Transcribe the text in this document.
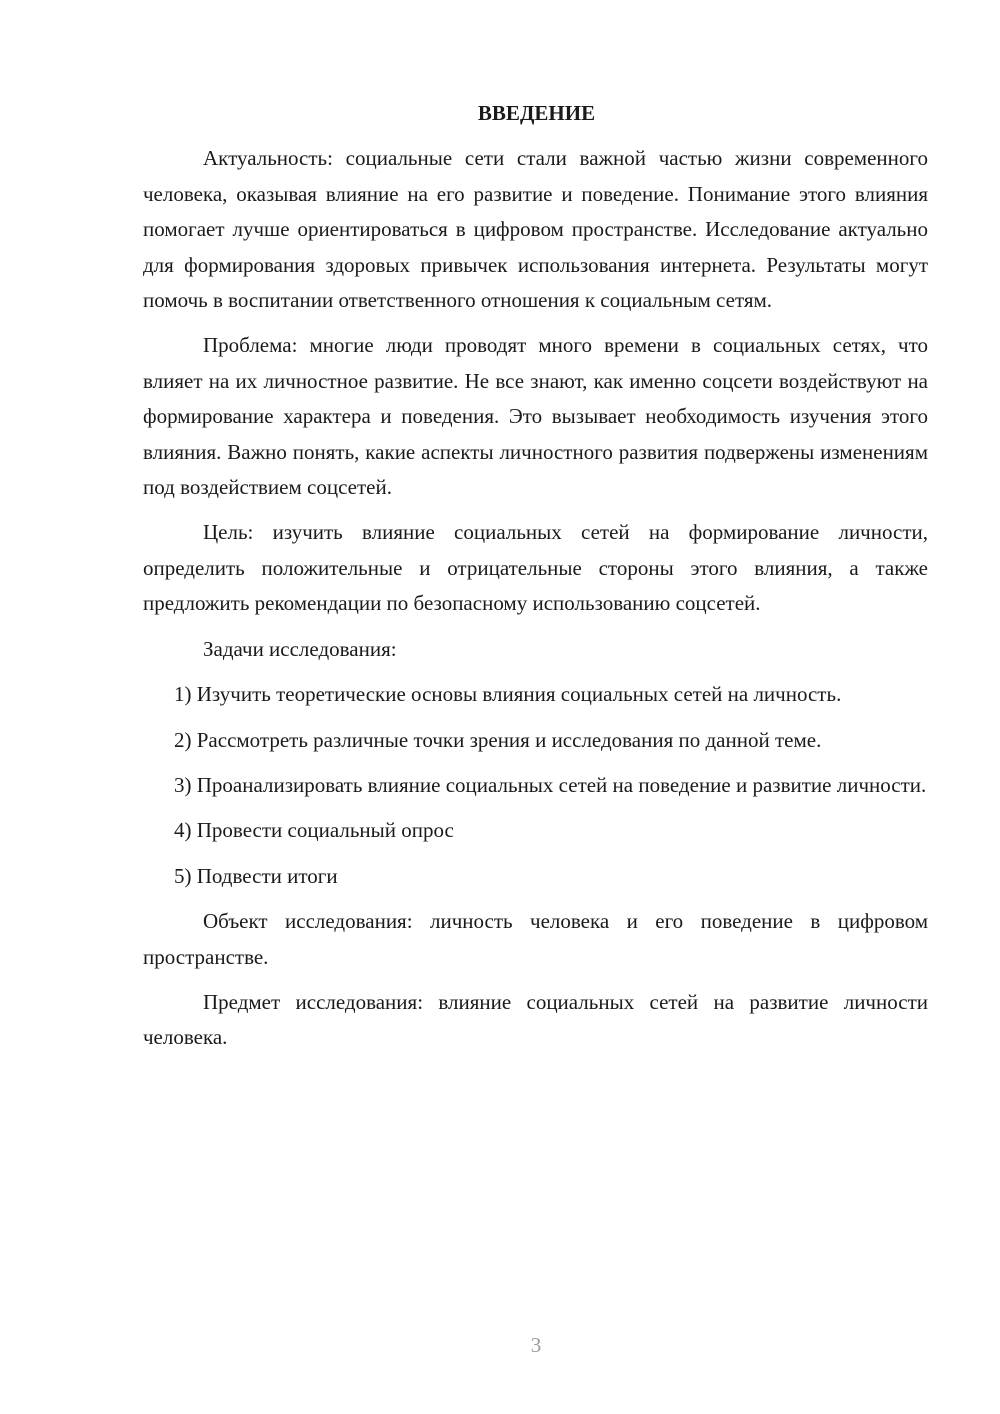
ВВЕДЕНИЕ

Актуальность: социальные сети стали важной частью жизни современного человека, оказывая влияние на его развитие и поведение. Понимание этого влияния помогает лучше ориентироваться в цифровом пространстве. Исследование актуально для формирования здоровых привычек использования интернета. Результаты могут помочь в воспитании ответственного отношения к социальным сетям.

Проблема: многие люди проводят много времени в социальных сетях, что влияет на их личностное развитие. Не все знают, как именно соцсети воздействуют на формирование характера и поведения. Это вызывает необходимость изучения этого влияния. Важно понять, какие аспекты личностного развития подвержены изменениям под воздействием соцсетей.

Цель: изучить влияние социальных сетей на формирование личности, определить положительные и отрицательные стороны этого влияния, а также предложить рекомендации по безопасному использованию соцсетей.

Задачи исследования:

1) Изучить теоретические основы влияния социальных сетей на личность.

2) Рассмотреть различные точки зрения и исследования по данной теме.

3) Проанализировать влияние социальных сетей на поведение и развитие личности.

4) Провести социальный опрос

5) Подвести итоги

Объект исследования: личность человека и его поведение в цифровом пространстве.

Предмет исследования: влияние социальных сетей на развитие личности человека.

3
